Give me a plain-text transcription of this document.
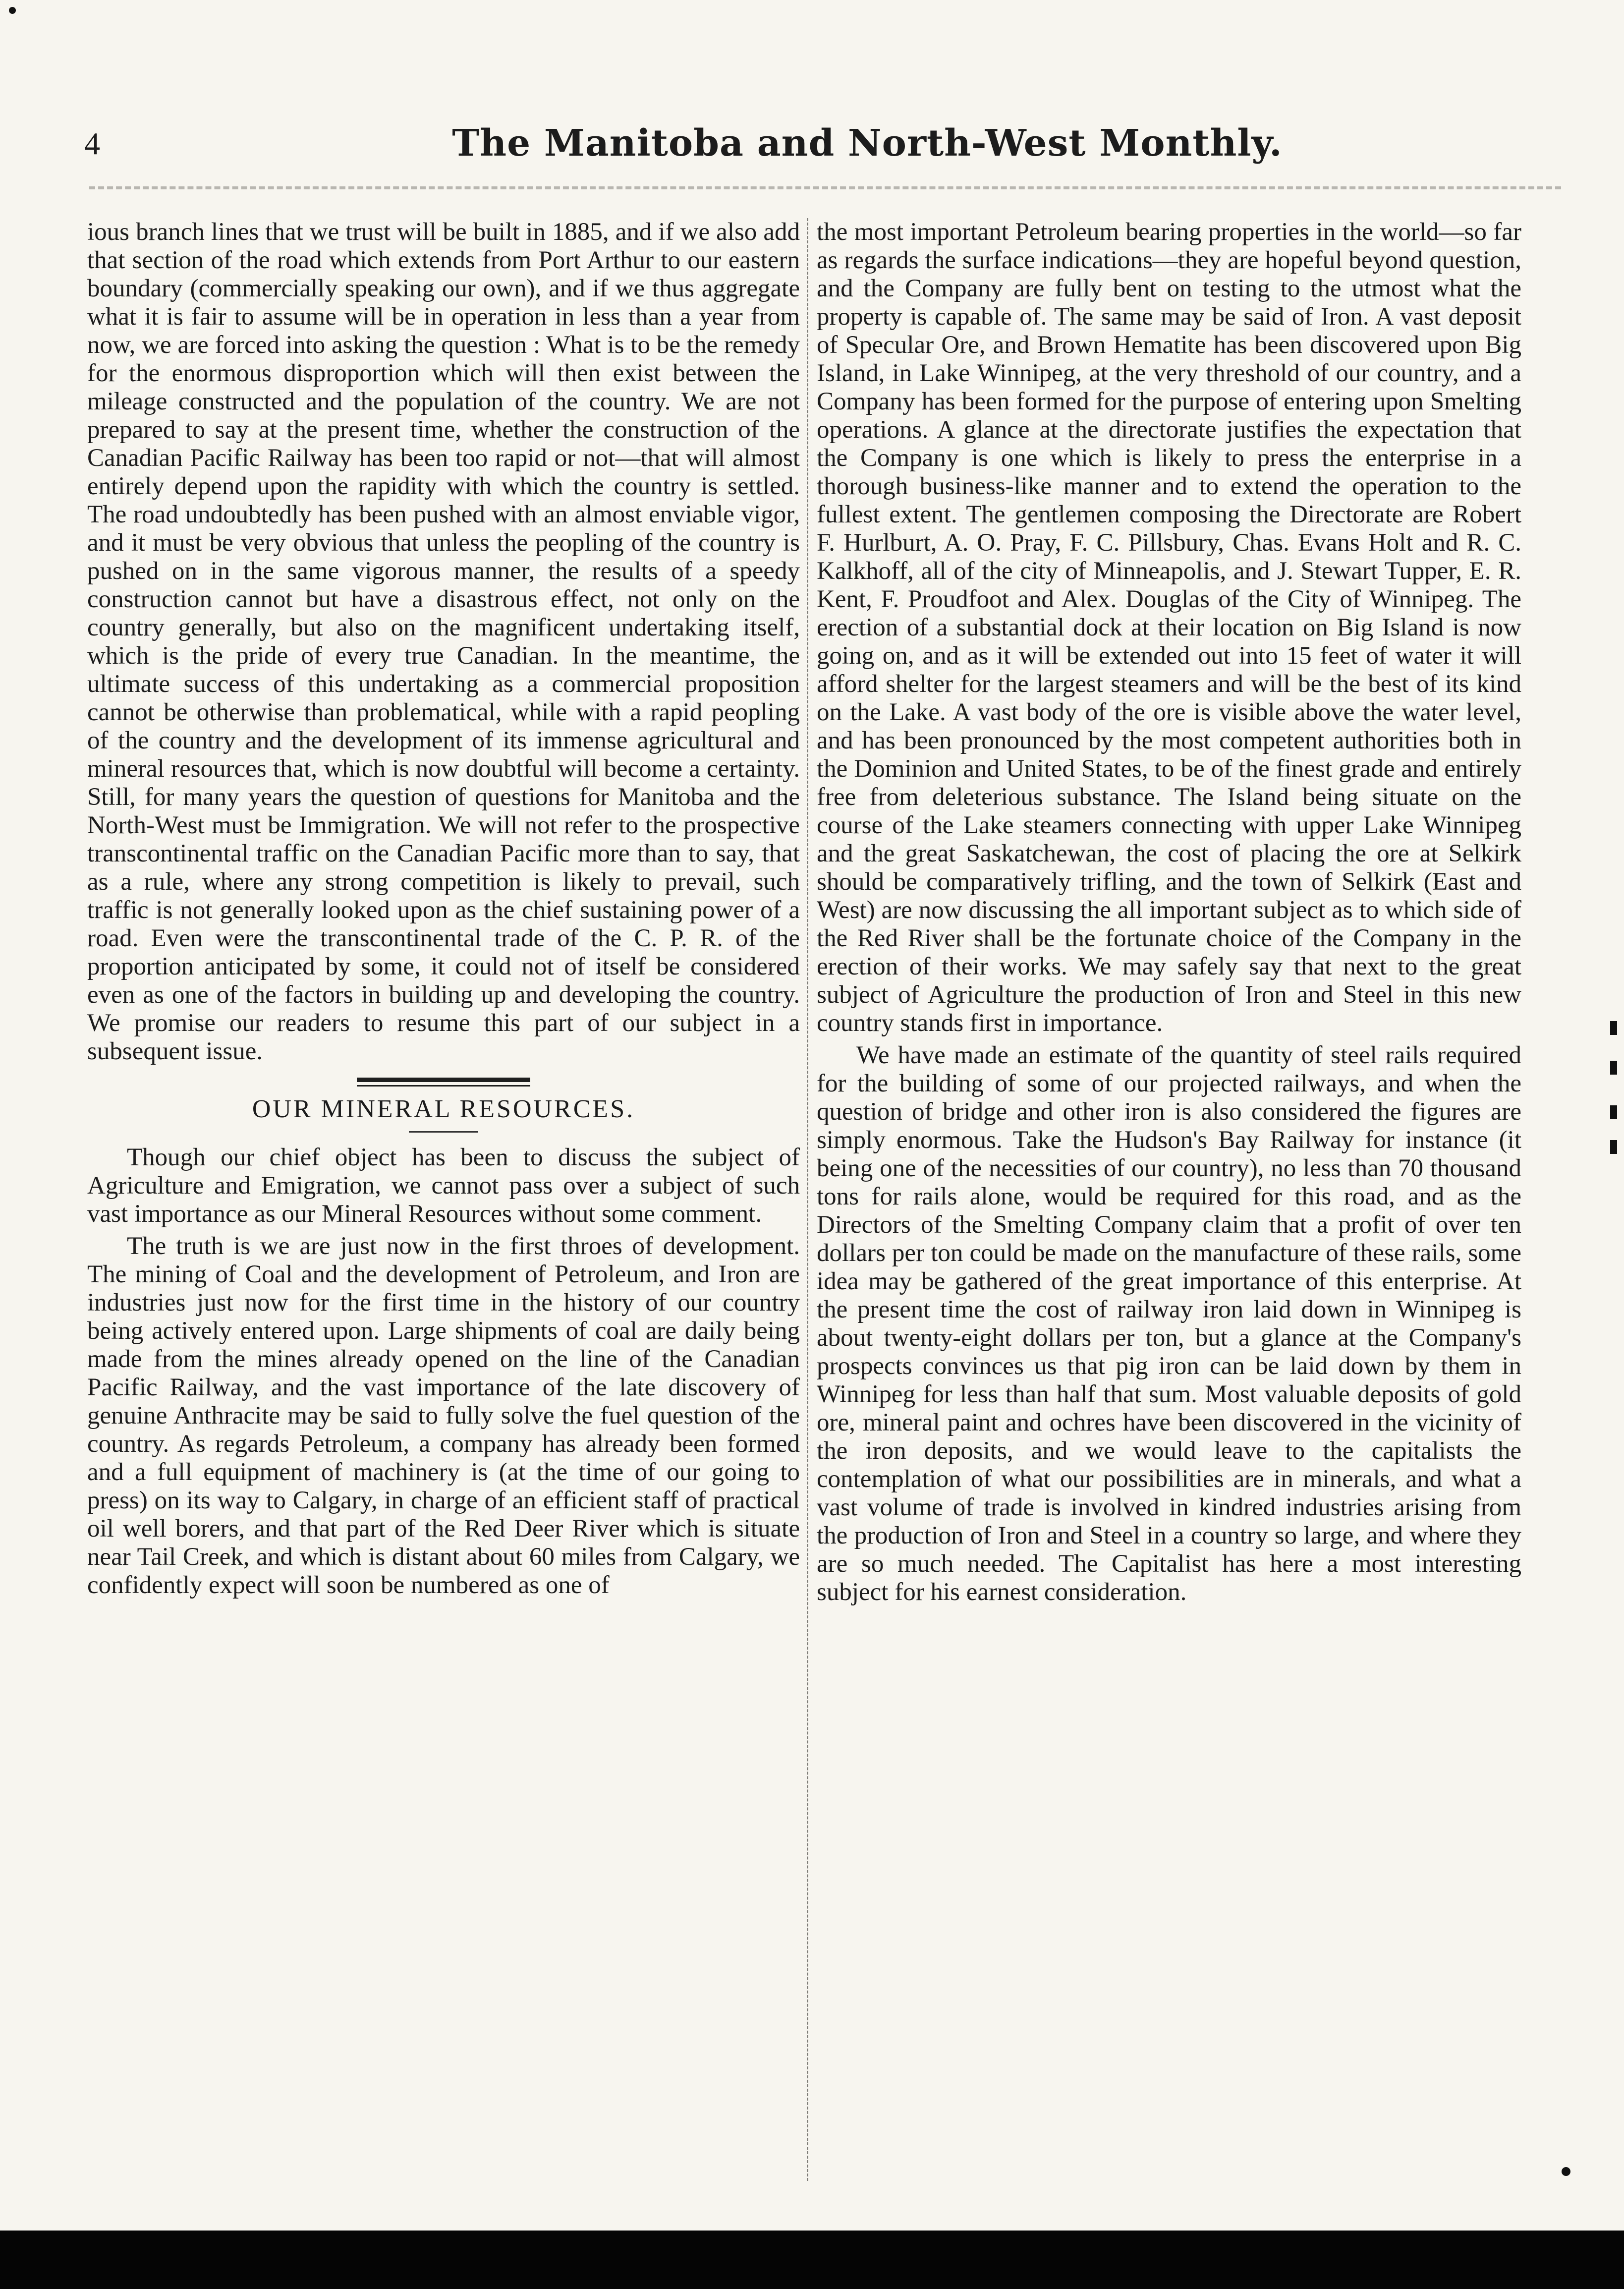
4	The Manitoba and North-West Monthly.

ious branch lines that we trust will be built in 1885, and if we also add that section of the road which extends from Port Arthur to our eastern boundary (commercially speaking our own), and if we thus aggregate what it is fair to assume will be in operation in less than a year from now, we are forced into asking the question : What is to be the remedy for the enormous disproportion which will then exist between the mileage constructed and the population of the country. We are not prepared to say at the present time, whether the construction of the Canadian Pacific Railway has been too rapid or not—that will almost entirely depend upon the rapidity with which the country is settled. The road undoubtedly has been pushed with an almost enviable vigor, and it must be very obvious that unless the peopling of the country is pushed on in the same vigorous manner, the results of a speedy construction cannot but have a disastrous effect, not only on the country generally, but also on the magnificent undertaking itself, which is the pride of every true Canadian. In the meantime, the ultimate success of this undertaking as a commercial proposition cannot be otherwise than problematical, while with a rapid peopling of the country and the development of its immense agricultural and mineral resources that, which is now doubtful will become a certainty. Still, for many years the question of questions for Manitoba and the North-West must be Immigration. We will not refer to the prospective transcontinental traffic on the Canadian Pacific more than to say, that as a rule, where any strong competition is likely to prevail, such traffic is not generally looked upon as the chief sustaining power of a road. Even were the transcontinental trade of the C. P. R. of the proportion anticipated by some, it could not of itself be considered even as one of the factors in building up and developing the country. We promise our readers to resume this part of our subject in a subsequent issue.

OUR MINERAL RESOURCES.

Though our chief object has been to discuss the subject of Agriculture and Emigration, we cannot pass over a subject of such vast importance as our Mineral Resources without some comment.

The truth is we are just now in the first throes of development. The mining of Coal and the development of Petroleum, and Iron are industries just now for the first time in the history of our country being actively entered upon. Large shipments of coal are daily being made from the mines already opened on the line of the Canadian Pacific Railway, and the vast importance of the late discovery of genuine Anthracite may be said to fully solve the fuel question of the country. As regards Petroleum, a company has already been formed and a full equipment of machinery is (at the time of our going to press) on its way to Calgary, in charge of an efficient staff of practical oil well borers, and that part of the Red Deer River which is situate near Tail Creek, and which is distant about 60 miles from Calgary, we confidently expect will soon be numbered as one of

the most important Petroleum bearing properties in the world—so far as regards the surface indications—they are hopeful beyond question, and the Company are fully bent on testing to the utmost what the property is capable of. The same may be said of Iron. A vast deposit of Specular Ore, and Brown Hematite has been discovered upon Big Island, in Lake Winnipeg, at the very threshold of our country, and a Company has been formed for the purpose of entering upon Smelting operations. A glance at the directorate justifies the expectation that the Company is one which is likely to press the enterprise in a thorough business-like manner and to extend the operation to the fullest extent. The gentlemen composing the Directorate are Robert F. Hurlburt, A. O. Pray, F. C. Pillsbury, Chas. Evans Holt and R. C. Kalkhoff, all of the city of Minneapolis, and J. Stewart Tupper, E. R. Kent, F. Proudfoot and Alex. Douglas of the City of Winnipeg. The erection of a substantial dock at their location on Big Island is now going on, and as it will be extended out into 15 feet of water it will afford shelter for the largest steamers and will be the best of its kind on the Lake. A vast body of the ore is visible above the water level, and has been pronounced by the most competent authorities both in the Dominion and United States, to be of the finest grade and entirely free from deleterious substance. The Island being situate on the course of the Lake steamers connecting with upper Lake Winnipeg and the great Saskatchewan, the cost of placing the ore at Selkirk should be comparatively trifling, and the town of Selkirk (East and West) are now discussing the all important subject as to which side of the Red River shall be the fortunate choice of the Company in the erection of their works. We may safely say that next to the great subject of Agriculture the production of Iron and Steel in this new country stands first in importance.

We have made an estimate of the quantity of steel rails required for the building of some of our projected railways, and when the question of bridge and other iron is also considered the figures are simply enormous. Take the Hudson's Bay Railway for instance (it being one of the necessities of our country), no less than 70 thousand tons for rails alone, would be required for this road, and as the Directors of the Smelting Company claim that a profit of over ten dollars per ton could be made on the manufacture of these rails, some idea may be gathered of the great importance of this enterprise. At the present time the cost of railway iron laid down in Winnipeg is about twenty-eight dollars per ton, but a glance at the Company's prospects convinces us that pig iron can be laid down by them in Winnipeg for less than half that sum. Most valuable deposits of gold ore, mineral paint and ochres have been discovered in the vicinity of the iron deposits, and we would leave to the capitalists the contemplation of what our possibilities are in minerals, and what a vast volume of trade is involved in kindred industries arising from the production of Iron and Steel in a country so large, and where they are so much needed. The Capitalist has here a most interesting subject for his earnest consideration.
